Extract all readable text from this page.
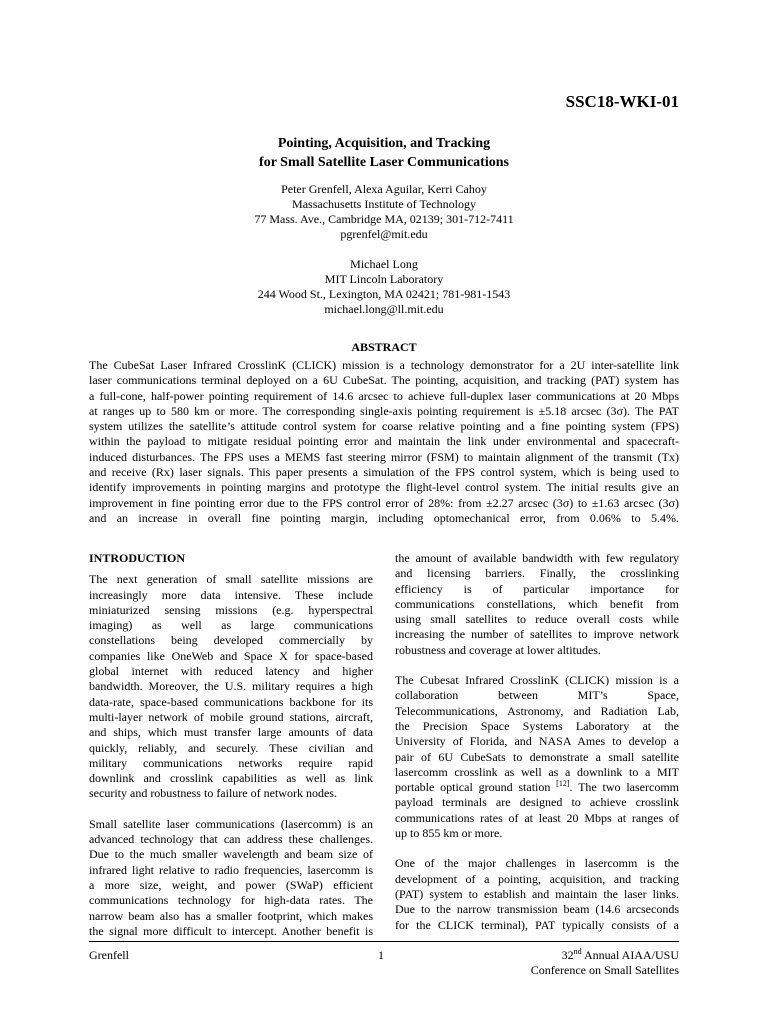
SSC18-WKI-01
Pointing, Acquisition, and Tracking
for Small Satellite Laser Communications
Peter Grenfell, Alexa Aguilar, Kerri Cahoy
Massachusetts Institute of Technology
77 Mass. Ave., Cambridge MA, 02139; 301-712-7411
pgrenfel@mit.edu
Michael Long
MIT Lincoln Laboratory
244 Wood St., Lexington, MA 02421; 781-981-1543
michael.long@ll.mit.edu
ABSTRACT
The CubeSat Laser Infrared CrosslinK (CLICK) mission is a technology demonstrator for a 2U inter-satellite link
laser communications terminal deployed on a 6U CubeSat. The pointing, acquisition, and tracking (PAT) system has
a full-cone, half-power pointing requirement of 14.6 arcsec to achieve full-duplex laser communications at 20 Mbps
at ranges up to 580 km or more. The corresponding single-axis pointing requirement is ±5.18 arcsec (3σ). The PAT
system utilizes the satellite’s attitude control system for coarse relative pointing and a fine pointing system (FPS)
within the payload to mitigate residual pointing error and maintain the link under environmental and spacecraft-
induced disturbances. The FPS uses a MEMS fast steering mirror (FSM) to maintain alignment of the transmit (Tx)
and receive (Rx) laser signals. This paper presents a simulation of the FPS control system, which is being used to
identify improvements in pointing margins and prototype the flight-level control system. The initial results give an
improvement in fine pointing error due to the FPS control error of 28%: from ±2.27 arcsec (3σ) to ±1.63 arcsec (3σ)
and an increase in overall fine pointing margin, including optomechanical error, from 0.06% to 5.4%.
INTRODUCTION
The next generation of small satellite missions are
increasingly more data intensive. These include
miniaturized sensing missions (e.g. hyperspectral
imaging) as well as large communications
constellations being developed commercially by
companies like OneWeb and Space X for space-based
global internet with reduced latency and higher
bandwidth. Moreover, the U.S. military requires a high
data-rate, space-based communications backbone for its
multi-layer network of mobile ground stations, aircraft,
and ships, which must transfer large amounts of data
quickly, reliably, and securely. These civilian and
military communications networks require rapid
downlink and crosslink capabilities as well as link
security and robustness to failure of network nodes.
Small satellite laser communications (lasercomm) is an
advanced technology that can address these challenges.
Due to the much smaller wavelength and beam size of
infrared light relative to radio frequencies, lasercomm is
a more size, weight, and power (SWaP) efficient
communications technology for high-data rates. The
narrow beam also has a smaller footprint, which makes
the signal more difficult to intercept. Another benefit is
the amount of available bandwidth with few regulatory
and licensing barriers. Finally, the crosslinking
efficiency is of particular importance for
communications constellations, which benefit from
using small satellites to reduce overall costs while
increasing the number of satellites to improve network
robustness and coverage at lower altitudes.
The Cubesat Infrared CrosslinK (CLICK) mission is a
collaboration between MIT’s Space,
Telecommunications, Astronomy, and Radiation Lab,
the Precision Space Systems Laboratory at the
University of Florida, and NASA Ames to develop a
pair of 6U CubeSats to demonstrate a small satellite
lasercomm crosslink as well as a downlink to a MIT
portable optical ground station [12]. The two lasercomm
payload terminals are designed to achieve crosslink
communications rates of at least 20 Mbps at ranges of
up to 855 km or more.
One of the major challenges in lasercomm is the
development of a pointing, acquisition, and tracking
(PAT) system to establish and maintain the laser links.
Due to the narrow transmission beam (14.6 arcseconds
for the CLICK terminal), PAT typically consists of a
Grenfell	1	32nd Annual AIAA/USU
Conference on Small Satellites
